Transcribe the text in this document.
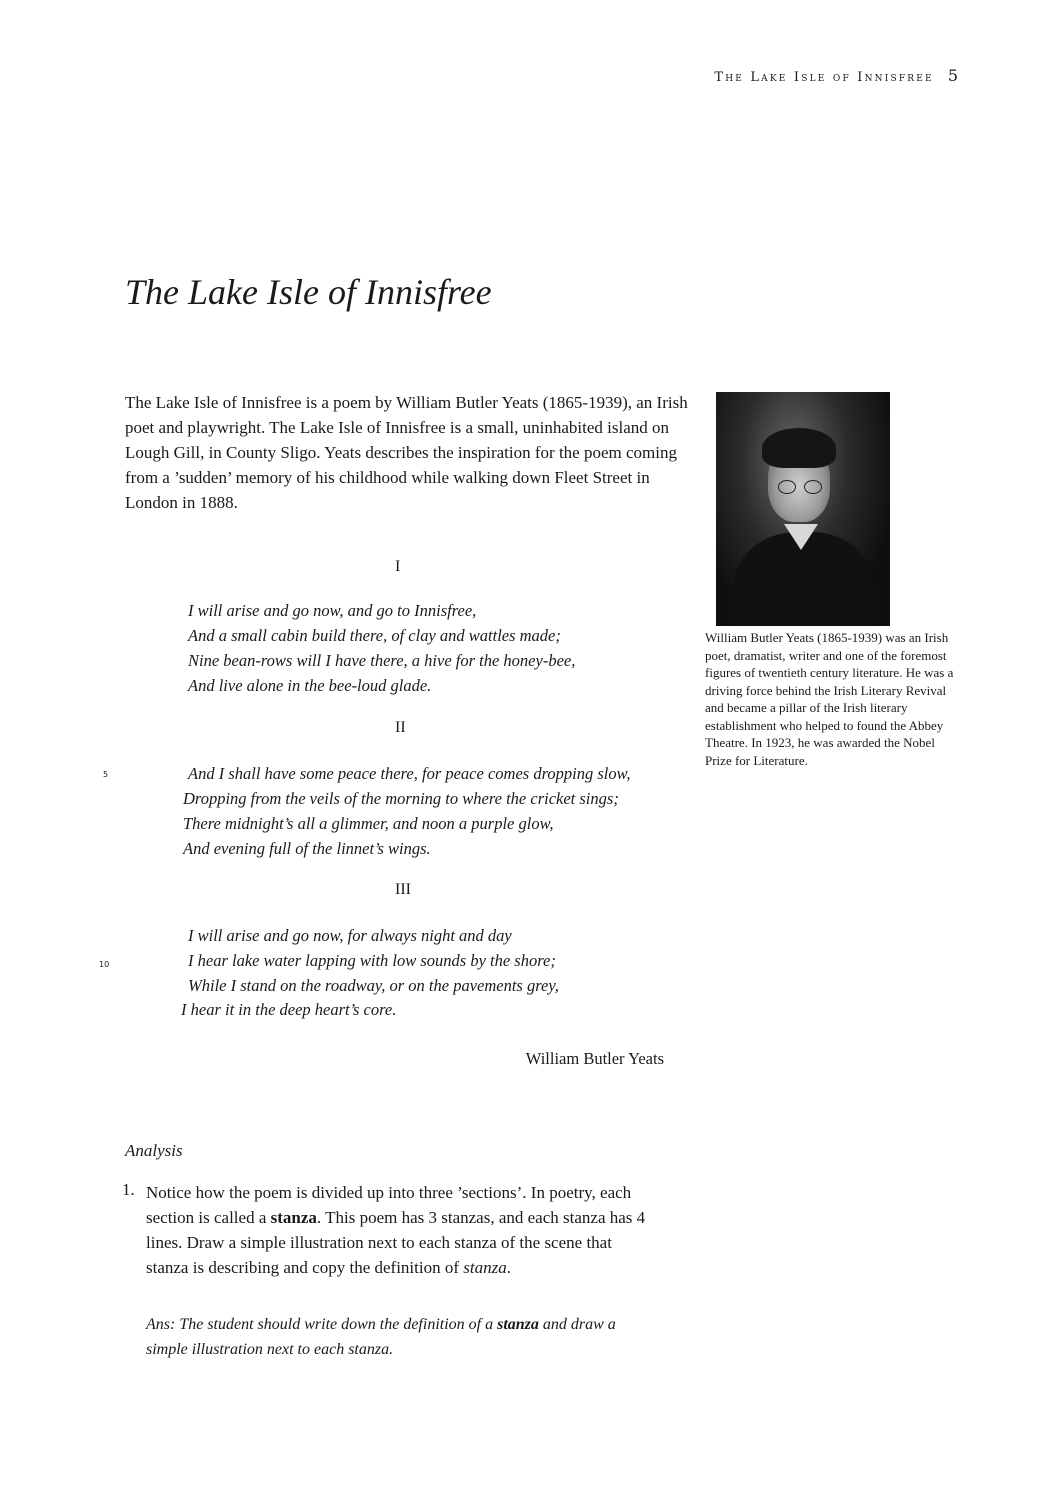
The Lake Isle of Innisfree 5
The Lake Isle of Innisfree

The Lake Isle of Innisfree is a poem by William Butler Yeats (1865-1939), an Irish poet and playwright. The Lake Isle of Innisfree is a small, uninhabited island on Lough Gill, in County Sligo. Yeats describes the inspiration for the poem coming from a ’sudden’ memory of his childhood while walking down Fleet Street in London in 1888.

William Butler Yeats (1865-1939) was an Irish poet, dramatist, writer and one of the foremost figures of twentieth century literature. He was a driving force behind the Irish Literary Revival and became a pillar of the Irish literary establishment who helped to found the Abbey Theatre. In 1923, he was awarded the Nobel Prize for Literature.

I

I will arise and go now, and go to Innisfree,

And a small cabin build there, of clay and wattles made;

Nine bean-rows will I have there, a hive for the honey-bee,

And live alone in the bee-loud glade.

II

5	And I shall have some peace there, for peace comes dropping slow,

Dropping from the veils of the morning to where the cricket sings;

There midnight’s all a glimmer, and noon a purple glow,

And evening full of the linnet’s wings.

III

I will arise and go now, for always night and day

10	I hear lake water lapping with low sounds by the shore;

While I stand on the roadway, or on the pavements grey,

I hear it in the deep heart’s core.

William Butler Yeats

Analysis

1. Notice how the poem is divided up into three ’sections’. In poetry, each section is called a stanza. This poem has 3 stanzas, and each stanza has 4 lines. Draw a simple illustration next to each stanza of the scene that stanza is describing and copy the definition of stanza.

Ans: The student should write down the definition of a stanza and draw a simple illustration next to each stanza.
